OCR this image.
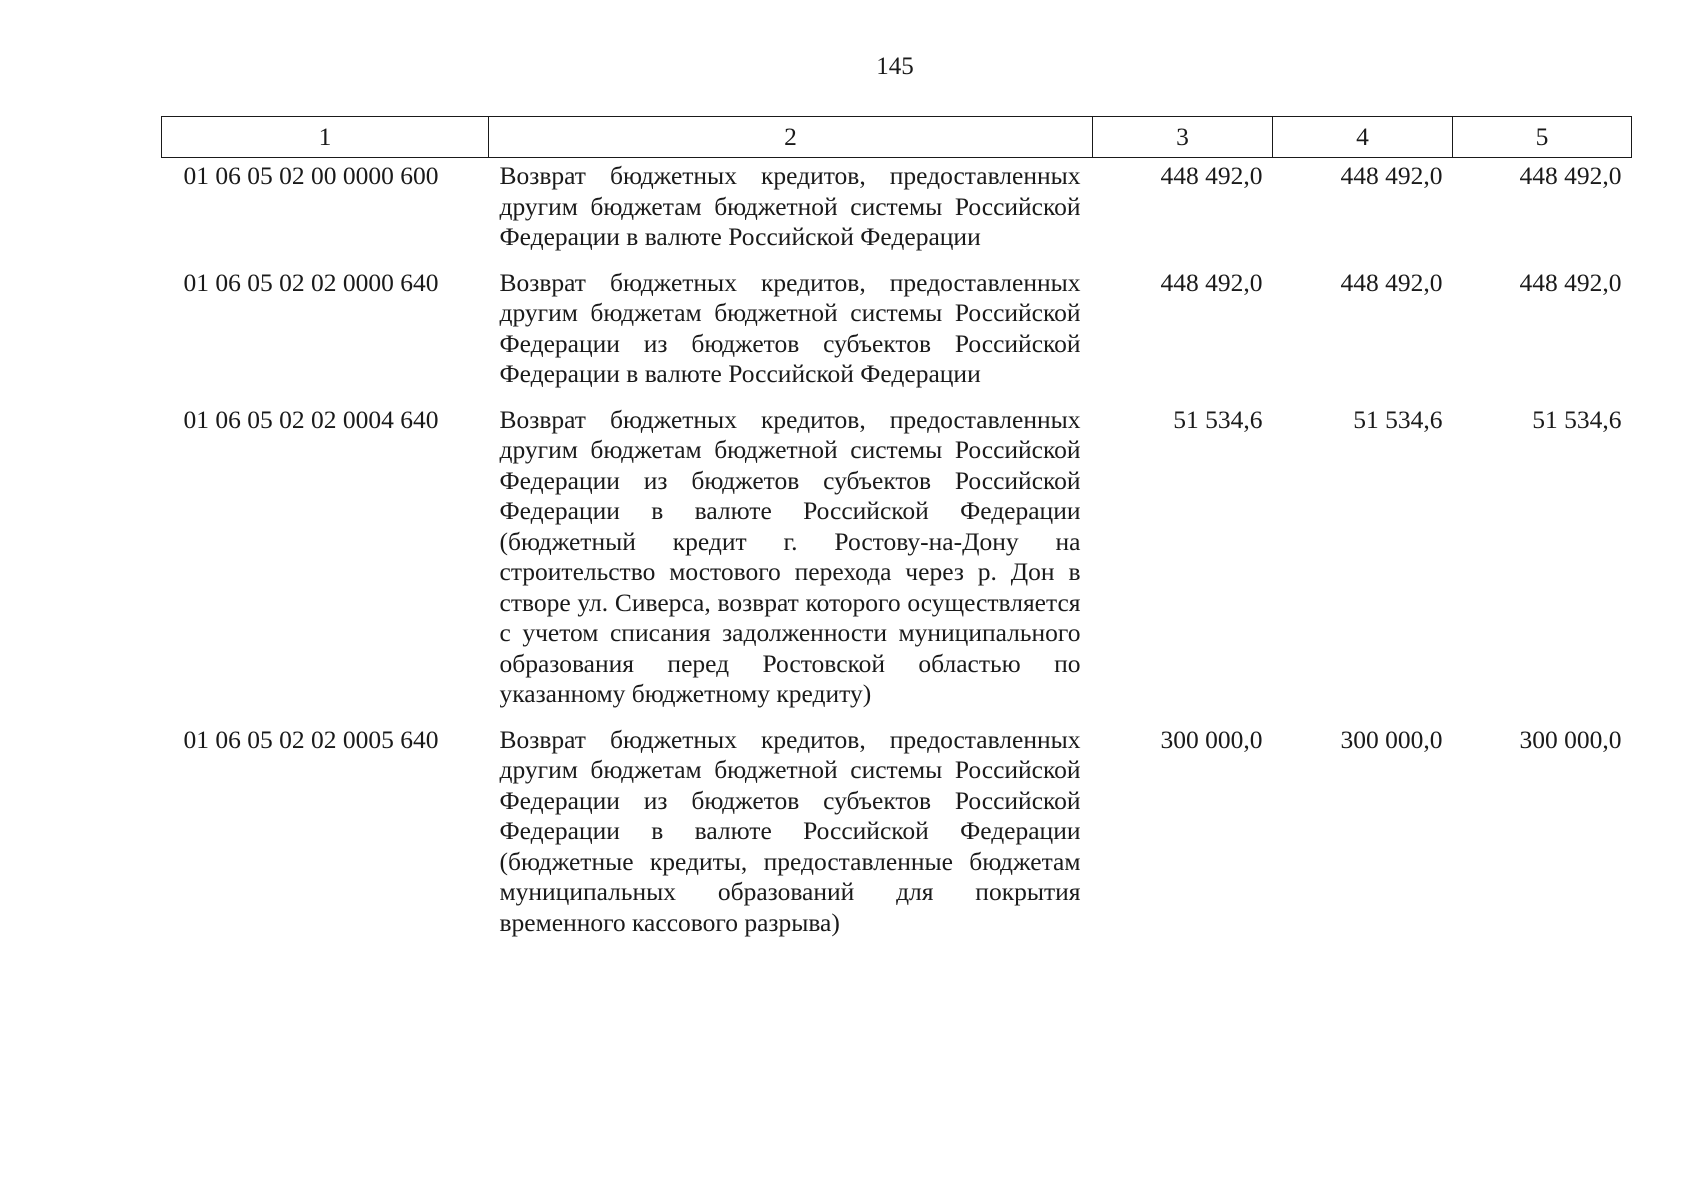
145
1	2	3	4	5
01 06 05 02 00 0000 600	Возврат бюджетных кредитов, предоставленных другим бюджетам бюджетной системы Российской Федерации в валюте Российской Федерации	448 492,0	448 492,0	448 492,0
01 06 05 02 02 0000 640	Возврат бюджетных кредитов, предоставленных другим бюджетам бюджетной системы Российской Федерации из бюджетов субъектов Российской Федерации в валюте Российской Федерации	448 492,0	448 492,0	448 492,0
01 06 05 02 02 0004 640	Возврат бюджетных кредитов, предоставленных другим бюджетам бюджетной системы Российской Федерации из бюджетов субъектов Российской Федерации в валюте Российской Федерации (бюджетный кредит г. Ростову-на-Дону на строительство мостового перехода через р. Дон в створе ул. Сиверса, возврат которого осуществляется с учетом списания задолженности муниципального образования перед Ростовской областью по указанному бюджетному кредиту)	51 534,6	51 534,6	51 534,6
01 06 05 02 02 0005 640	Возврат бюджетных кредитов, предоставленных другим бюджетам бюджетной системы Российской Федерации из бюджетов субъектов Российской Федерации в валюте Российской Федерации (бюджетные кредиты, предоставленные бюджетам муниципальных образований для покрытия временного кассового разрыва)	300 000,0	300 000,0	300 000,0
